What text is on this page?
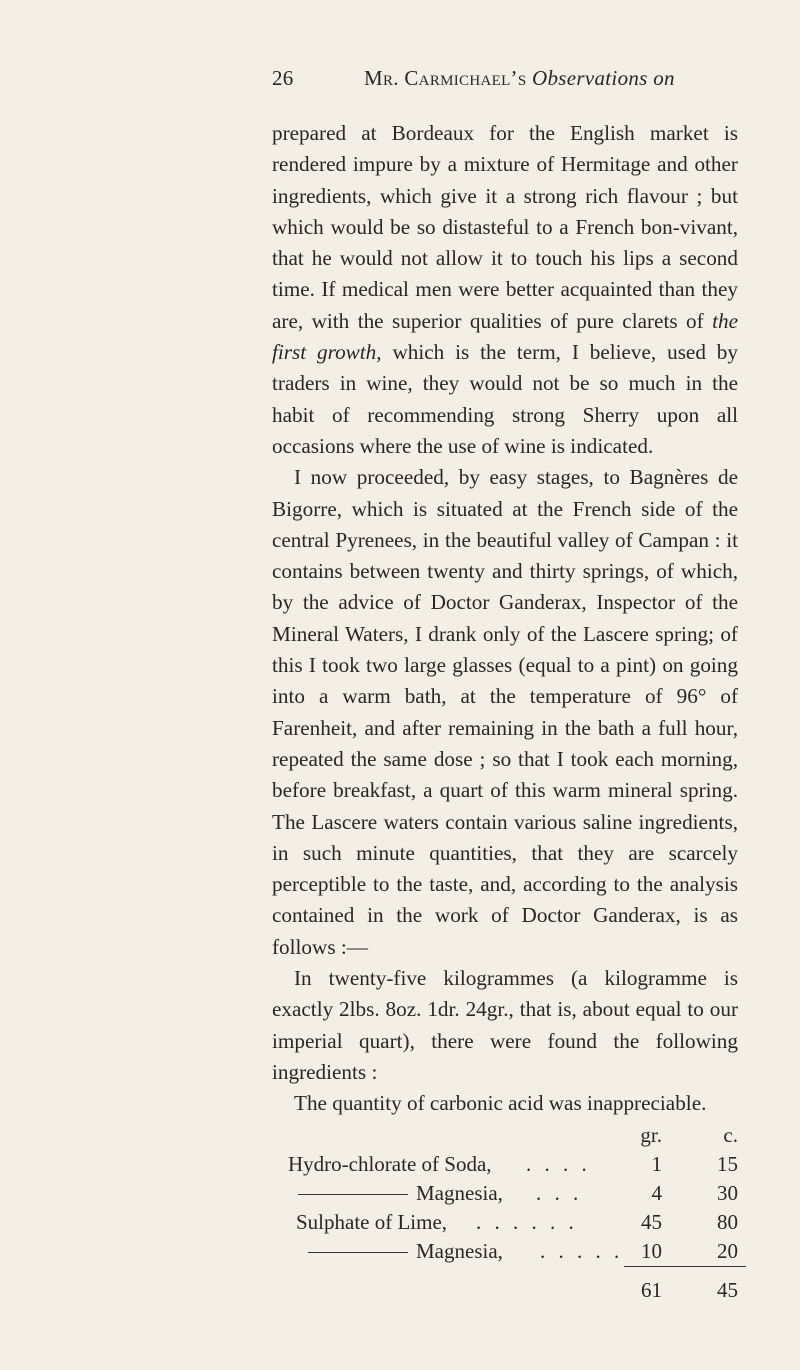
26	Mr. Carmichael’s Observations on

prepared at Bordeaux for the English market is rendered impure by a mixture of Hermitage and other ingredients, which give it a strong rich flavour ; but which would be so distasteful to a French bon-vivant, that he would not allow it to touch his lips a second time. If medical men were better acquainted than they are, with the superior qualities of pure clarets of the first growth, which is the term, I believe, used by traders in wine, they would not be so much in the habit of recommending strong Sherry upon all occasions where the use of wine is indicated.

I now proceeded, by easy stages, to Bagnères de Bigorre, which is situated at the French side of the central Pyrenees, in the beautiful valley of Campan : it contains between twenty and thirty springs, of which, by the advice of Doctor Ganderax, Inspector of the Mineral Waters, I drank only of the Lascere spring; of this I took two large glasses (equal to a pint) on going into a warm bath, at the temperature of 96° of Farenheit, and after remaining in the bath a full hour, repeated the same dose ; so that I took each morning, before breakfast, a quart of this warm mineral spring. The Lascere waters contain various saline ingredients, in such minute quantities, that they are scarcely perceptible to the taste, and, according to the analysis contained in the work of Doctor Ganderax, is as follows :—

In twenty-five kilogrammes (a kilogramme is exactly 2lbs. 8oz. 1dr. 24gr., that is, about equal to our imperial quart), there were found the following ingredients :

The quantity of carbonic acid was inappreciable.

gr.	c.
Hydro-chlorate of Soda, . . . .	1	15
Magnesia, . . .	4	30
Sulphate of Lime, . . . . . .	45	80
Magnesia, . . . . . 10	20
61	45
